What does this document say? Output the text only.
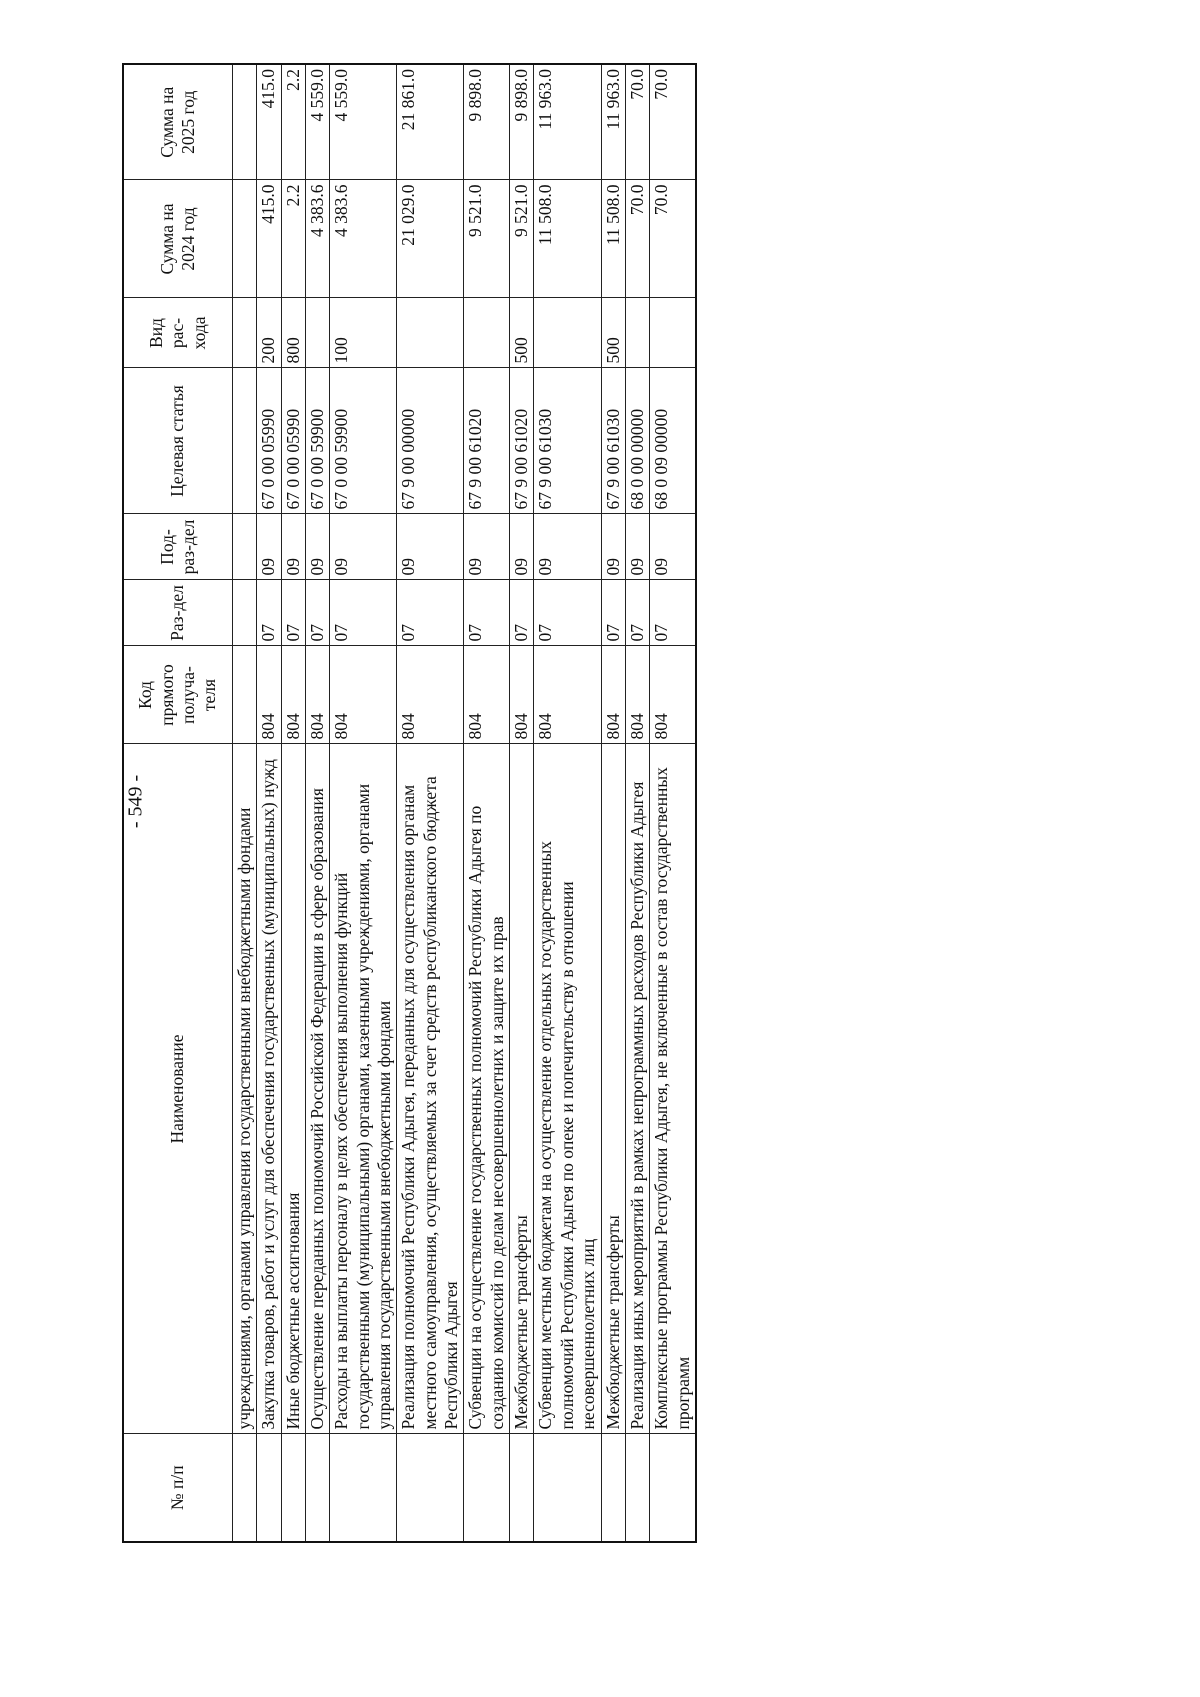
- 549 -
№ п/п	Наименование	Код прямого получа-теля	Раз-дел	Под-раз-дел	Целевая статья	Вид рас-хода	Сумма на 2024 год	Сумма на 2025 год
	учреждениями, органами управления государственными внебюджетными фондами							
	Закупка товаров, работ и услуг для обеспечения государственных (муниципальных) нужд	804	07	09	67 0 00 05990	200	415.0	415.0
	Иные бюджетные ассигнования	804	07	09	67 0 00 05990	800	2.2	2.2
	Осуществление переданных полномочий Российской Федерации в сфере образования	804	07	09	67 0 00 59900		4 383.6	4 559.0
	Расходы на выплаты персоналу в целях обеспечения выполнения функций государственными (муниципальными) органами, казенными учреждениями, органами управления государственными внебюджетными фондами	804	07	09	67 0 00 59900	100	4 383.6	4 559.0
	Реализация полномочий Республики Адыгея, переданных для осуществления органам местного самоуправления, осуществляемых за счет средств республиканского бюджета Республики Адыгея	804	07	09	67 9 00 00000		21 029.0	21 861.0
	Субвенции на осуществление государственных полномочий Республики Адыгея по созданию комиссий по делам несовершеннолетних и защите их прав	804	07	09	67 9 00 61020		9 521.0	9 898.0
	Межбюджетные трансферты	804	07	09	67 9 00 61020	500	9 521.0	9 898.0
	Субвенции местным бюджетам на осуществление отдельных государственных полномочий Республики Адыгея по опеке и попечительству в отношении несовершеннолетних лиц	804	07	09	67 9 00 61030		11 508.0	11 963.0
	Межбюджетные трансферты	804	07	09	67 9 00 61030	500	11 508.0	11 963.0
	Реализация иных мероприятий в рамках непрограммных расходов Республики Адыгея	804	07	09	68 0 00 00000		70.0	70.0
	Комплексные программы Республики Адыгея, не включенные в состав государственных программ	804	07	09	68 0 09 00000		70.0	70.0
